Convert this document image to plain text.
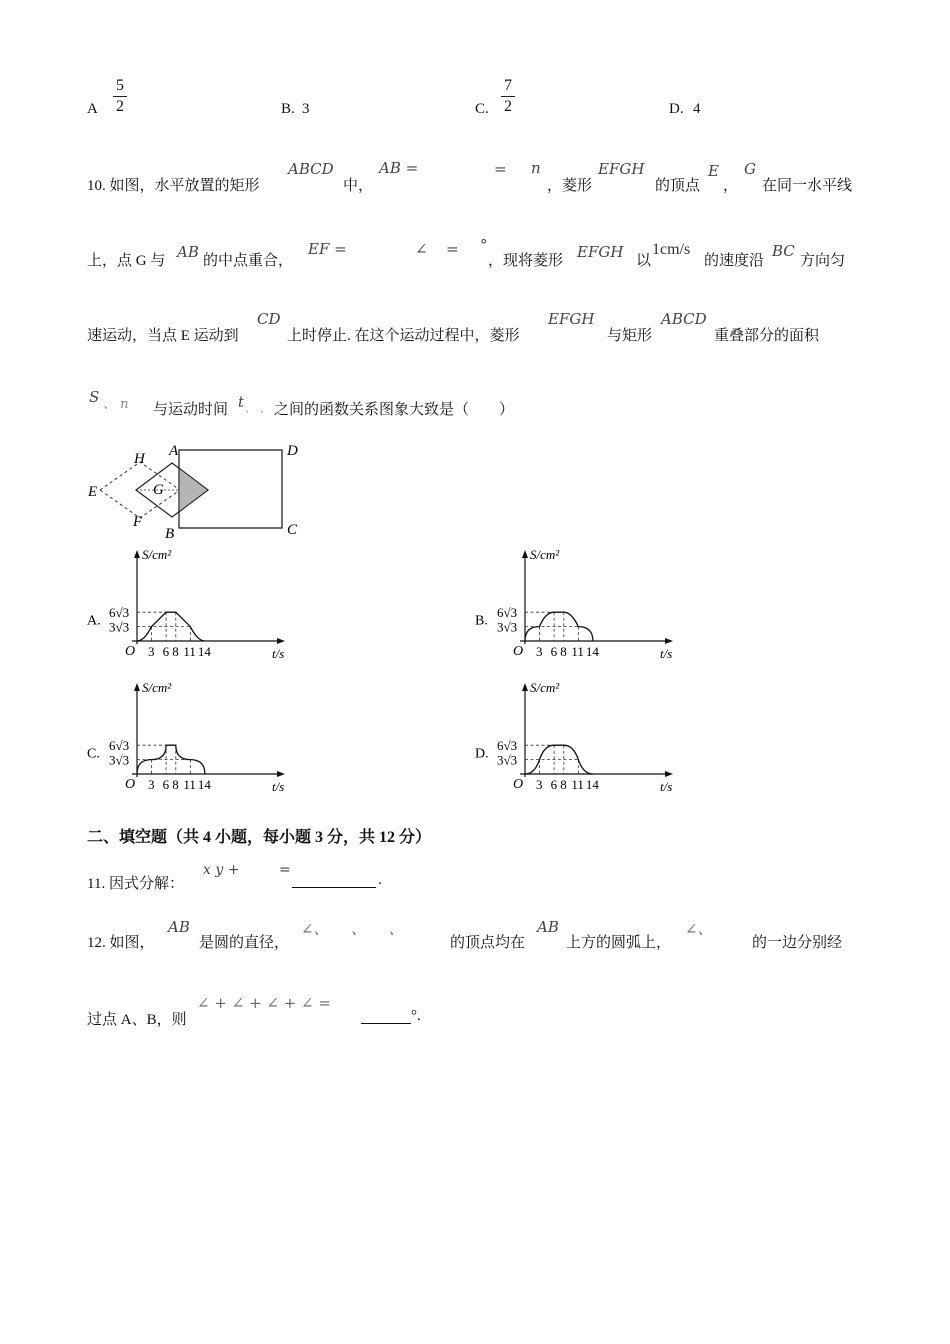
A $\frac{5}{2}$	B. 3	C. $\frac{7}{2}$	D. 4
10. 如图，水平放置的矩形
ABCD
中，
AB =	= n
，菱形
EFGH
的顶点
E
，
G
在同一水平线
上，点 G 与 AB 的中点重合，
EF =	∠ = °
，现将菱形 EFGH 以
1cm/s
的速度沿
BC
方向匀
速运动，当点 E 运动到
CD
上时停止. 在这个运动过程中，菱形
EFGH
与矩形
ABCD
重叠部分的面积
S 、 n 与运动时间 t 、 、 之间的函数关系图象大致是（　　）
A	D
B	C
E
F
G
H
S/cm²
t/s
O
6√3
3√3
3 6 8 11 14
A.
S/cm²
t/s
O
6√3
3√3
3 6 8 11 14
B.
S/cm²
t/s
O
6√3
3√3
3 6 8 11 14
C.
S/cm²
t/s
O
6√3
3√3
3 6 8 11 14
D.
二、填空题（共 4 小题，每小题 3 分，共 12 分）
11. 因式分解：
x y +	=
.
12. 如图，
AB
是圆的直径，
∠、　　、　　、
的顶点均在
AB
上方的圆弧上，
∠、
的一边分别经
过点 A、B，则
∠ + ∠ + ∠ + ∠ =
°.
